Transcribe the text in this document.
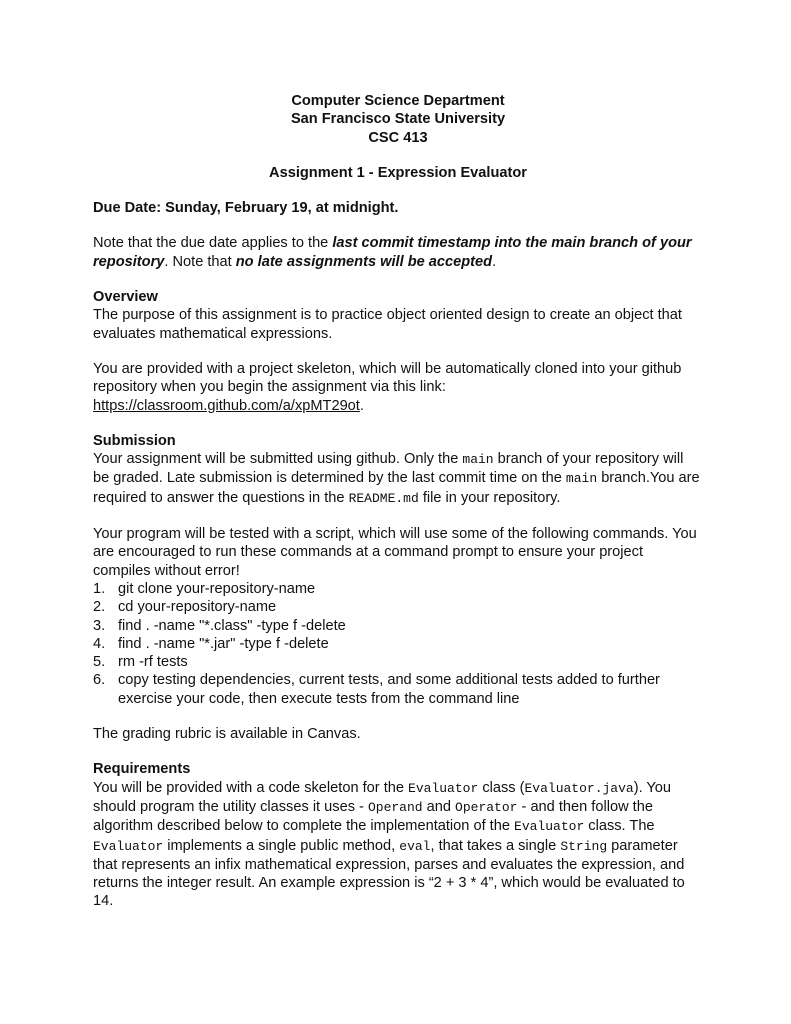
Computer Science Department
San Francisco State University
CSC 413
Assignment 1 - Expression Evaluator

Due Date: Sunday, February 19, at midnight.

Note that the due date applies to the last commit timestamp into the main branch of your repository. Note that no late assignments will be accepted.

Overview

The purpose of this assignment is to practice object oriented design to create an object that evaluates mathematical expressions.

You are provided with a project skeleton, which will be automatically cloned into your github repository when you begin the assignment via this link: https://classroom.github.com/a/xpMT29ot.

Submission

Your assignment will be submitted using github. Only the main branch of your repository will be graded. Late submission is determined by the last commit time on the main branch.You are required to answer the questions in the README.md file in your repository.

Your program will be tested with a script, which will use some of the following commands. You are encouraged to run these commands at a command prompt to ensure your project compiles without error!

1. git clone your-repository-name
2. cd your-repository-name
3. find . -name "*.class" -type f -delete
4. find . -name "*.jar" -type f -delete
5. rm -rf tests
6. copy testing dependencies, current tests, and some additional tests added to further exercise your code, then execute tests from the command line

The grading rubric is available in Canvas.

Requirements

You will be provided with a code skeleton for the Evaluator class (Evaluator.java). You should program the utility classes it uses - Operand and Operator - and then follow the algorithm described below to complete the implementation of the Evaluator class. The Evaluator implements a single public method, eval, that takes a single String parameter that represents an infix mathematical expression, parses and evaluates the expression, and returns the integer result. An example expression is “2 + 3 * 4”, which would be evaluated to 14.
